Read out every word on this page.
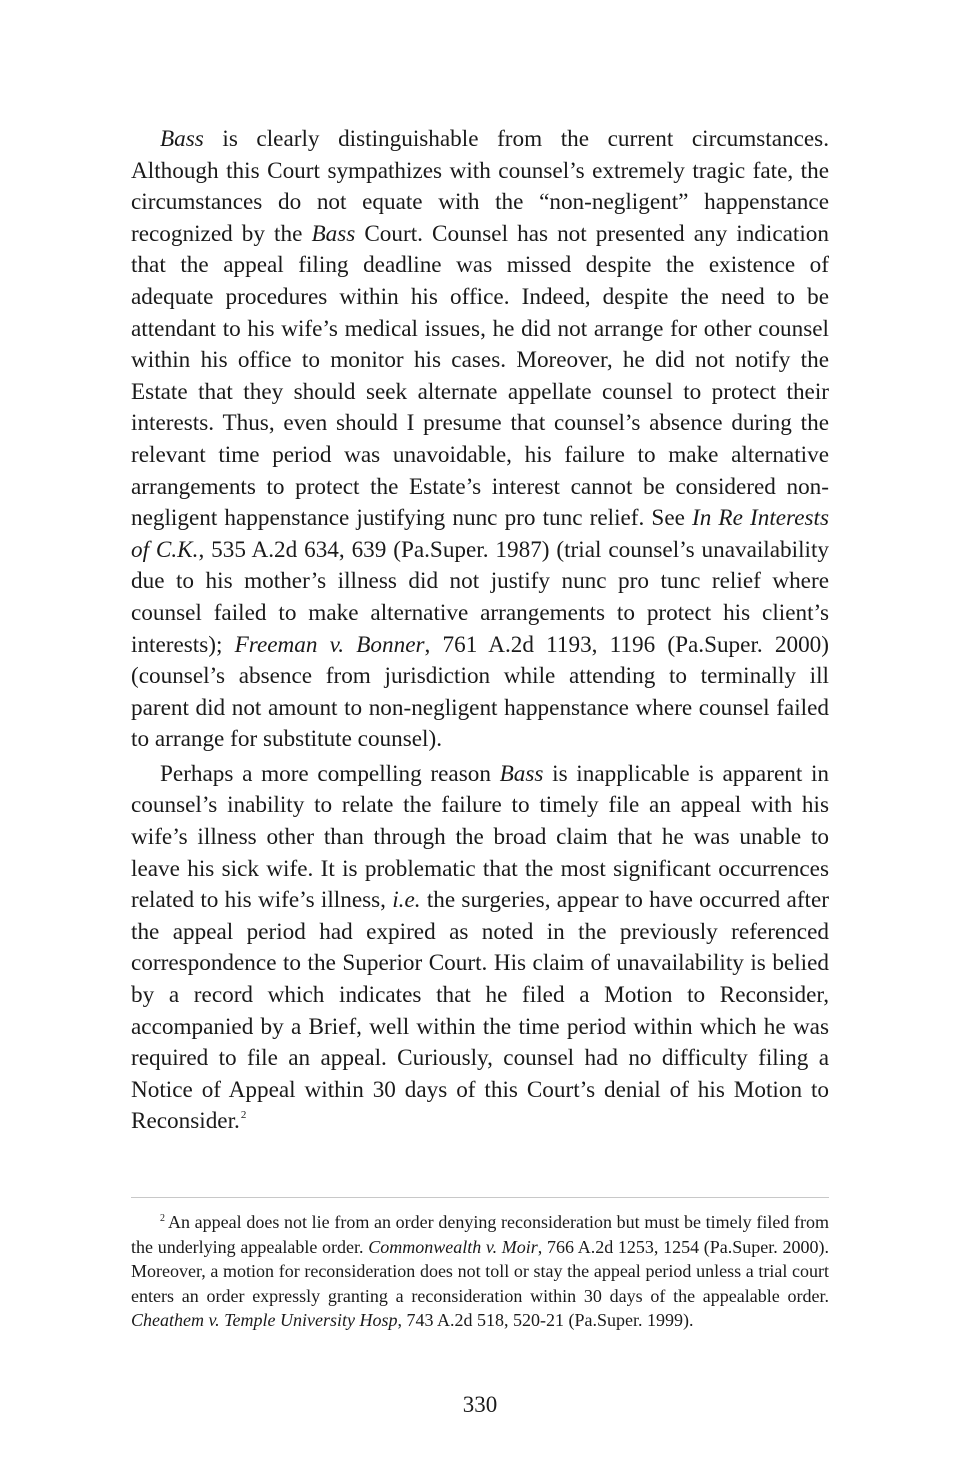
Bass is clearly distinguishable from the current circumstances. Although this Court sympathizes with counsel’s extremely tragic fate, the circumstances do not equate with the “non-negligent” happenstance recognized by the Bass Court. Counsel has not presented any indication that the appeal filing deadline was missed despite the existence of adequate procedures within his office. Indeed, despite the need to be attendant to his wife’s medical issues, he did not arrange for other counsel within his office to monitor his cases. Moreover, he did not notify the Estate that they should seek alternate appellate counsel to protect their interests. Thus, even should I presume that counsel’s absence during the relevant time period was unavoidable, his failure to make alternative arrangements to protect the Estate’s interest cannot be considered non-negligent happenstance justifying nunc pro tunc relief. See In Re Interests of C.K., 535 A.2d 634, 639 (Pa.Super. 1987) (trial counsel’s unavailability due to his mother’s illness did not justify nunc pro tunc relief where counsel failed to make alternative arrangements to protect his client’s interests); Freeman v. Bonner, 761 A.2d 1193, 1196 (Pa.Super. 2000) (counsel’s absence from jurisdiction while attending to terminally ill parent did not amount to non-negligent happenstance where counsel failed to arrange for substitute counsel).

Perhaps a more compelling reason Bass is inapplicable is apparent in counsel’s inability to relate the failure to timely file an appeal with his wife’s illness other than through the broad claim that he was unable to leave his sick wife. It is problematic that the most significant occurrences related to his wife’s illness, i.e. the surgeries, appear to have occurred after the appeal period had expired as noted in the previously referenced correspondence to the Superior Court. His claim of unavailability is belied by a record which indicates that he filed a Motion to Reconsider, accompanied by a Brief, well within the time period within which he was required to file an appeal. Curiously, counsel had no difficulty filing a Notice of Appeal within 30 days of this Court’s denial of his Motion to Reconsider.$^2$

$^2$ An appeal does not lie from an order denying reconsideration but must be timely filed from the underlying appealable order. Commonwealth v. Moir, 766 A.2d 1253, 1254 (Pa.Super. 2000). Moreover, a motion for reconsideration does not toll or stay the appeal period unless a trial court enters an order expressly granting a reconsideration within 30 days of the appealable order. Cheathem v. Temple University Hosp, 743 A.2d 518, 520-21 (Pa.Super. 1999).
330
